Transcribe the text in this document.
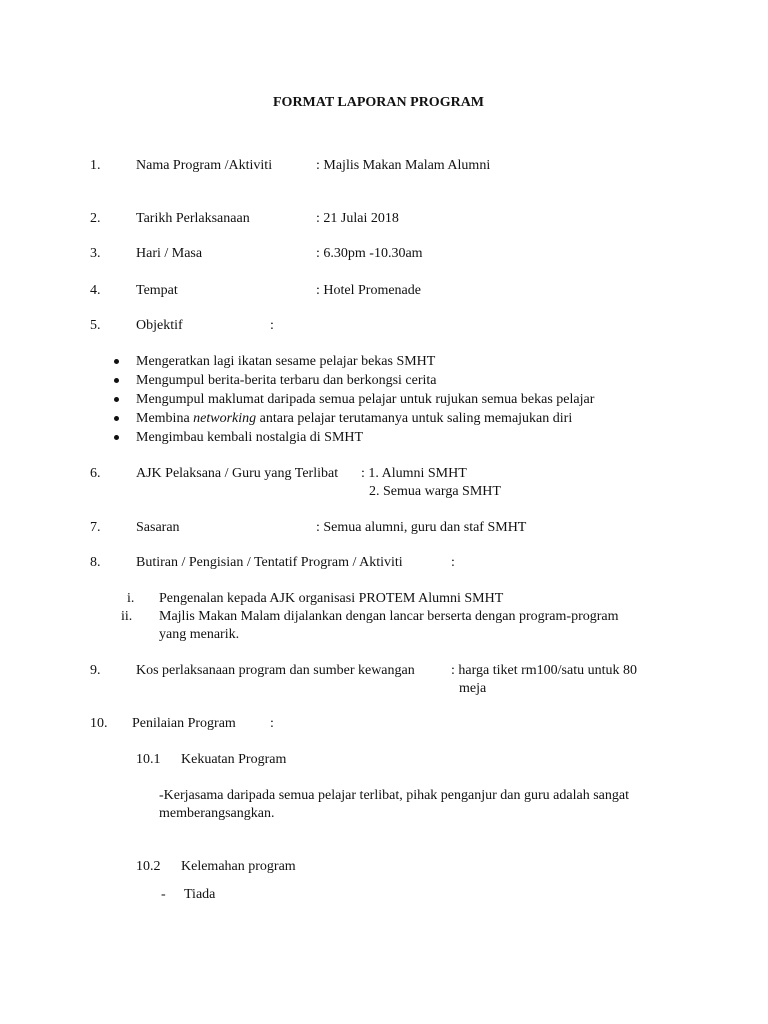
FORMAT LAPORAN PROGRAM
1.	Nama Program /Aktiviti	: Majlis Makan Malam Alumni
2.	Tarikh Perlaksanaan	: 21 Julai 2018
3.	Hari / Masa	: 6.30pm -10.30am
4.	Tempat	: Hotel Promenade
5.	Objektif	:
Mengeratkan lagi ikatan sesame pelajar bekas SMHT
Mengumpul berita-berita terbaru dan berkongsi cerita
Mengumpul maklumat daripada semua pelajar untuk rujukan semua bekas pelajar
Membina networking antara pelajar terutamanya untuk saling memajukan diri
Mengimbau kembali nostalgia di SMHT
6.	AJK Pelaksana / Guru yang Terlibat : 1. Alumni SMHT
2. Semua warga SMHT
7.	Sasaran	: Semua alumni, guru dan staf SMHT
8.	Butiran / Pengisian / Tentatif Program / Aktiviti	:
i. Pengenalan kepada AJK organisasi PROTEM Alumni SMHT
ii. Majlis Makan Malam dijalankan dengan lancar berserta dengan program-program
yang menarik.
9.	Kos perlaksanaan program dan sumber kewangan	: harga tiket rm100/satu untuk 80
meja
10. Penilaian Program :
10.1 Kekuatan Program
-Kerjasama daripada semua pelajar terlibat, pihak penganjur dan guru adalah sangat
memberangsangkan.
10.2 Kelemahan program
- Tiada
